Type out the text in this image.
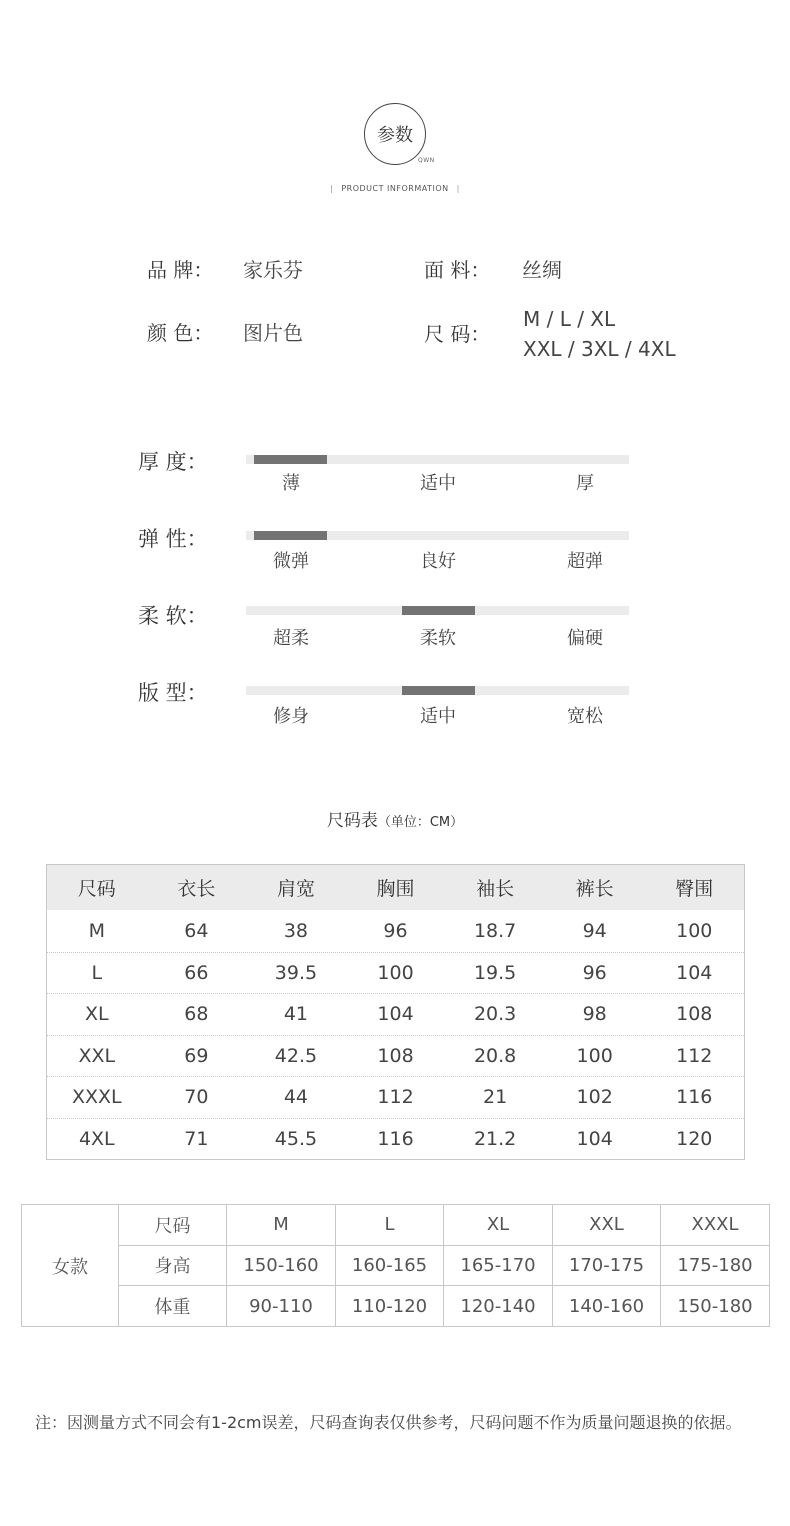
参数
QWN
| PRODUCT INFORMATION |
品 牌： 家乐芬	面 料： 丝绸
颜 色： 图片色	尺 码：
M / L / XL
XXL / 3XL / 4XL
厚 度：
薄	适中	厚
弹 性：
微弹	良好	超弹
柔 软：
超柔	柔软	偏硬
版 型：
修身	适中	宽松
尺码表（单位：CM）
尺码	衣长	肩宽	胸围	袖长	裤长	臀围
M	64	38	96	18.7	94	100
L	66	39.5	100	19.5	96	104
XL	68	41	104	20.3	98	108
XXL	69	42.5	108	20.8	100	112
XXXL	70	44	112	21	102	116
4XL	71	45.5	116	21.2	104	120
女款	尺码	M	L	XL	XXL	XXXL
	身高	150-160	160-165	165-170	170-175	175-180
	体重	90-110	110-120	120-140	140-160	150-180
注：因测量方式不同会有1-2cm误差，尺码查询表仅供参考，尺码问题不作为质量问题退换的依据。
